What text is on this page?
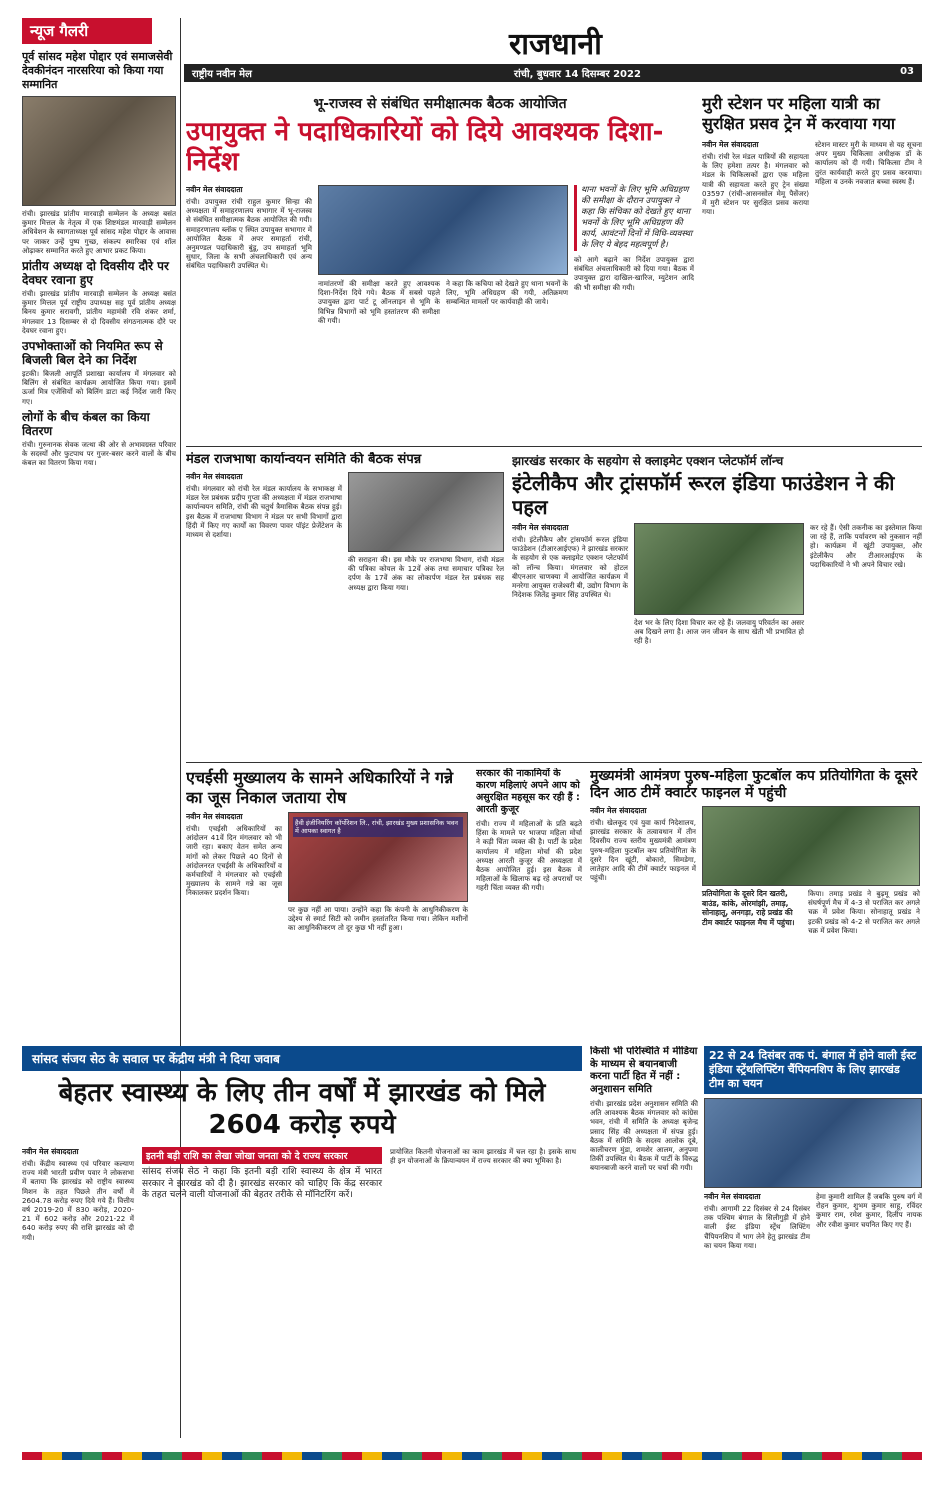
राजधानी
राष्ट्रीय नवीन मेल	रांची, बुधवार 14 दिसम्बर 2022	03
न्यूज गैलरी
पूर्व सांसद महेश पोद्दार एवं समाजसेवी देवकीनंदन नारसरिया को किया गया सम्मानित
रांची। झारखंड प्रांतीय मारवाड़ी सम्मेलन के अध्यक्ष बसंत कुमार मित्तल के नेतृत्व में एक शिष्टमंडल मारवाड़ी सम्मेलन अधिवेशन के स्वागताध्यक्ष पूर्व सांसद महेश पोद्दार के आवास पर जाकर उन्हें पुष्प गुच्छ, संकल्प स्मारिका एवं शॉल ओढ़ाकर सम्मानित करते हुए आभार प्रकट किया।
प्रांतीय अध्यक्ष दो दिवसीय दौरे पर देवघर रवाना हुए
रांची। झारखंड प्रांतीय मारवाड़ी सम्मेलन के अध्यक्ष बसंत कुमार मित्तल पूर्व राष्ट्रीय उपाध्यक्ष सह पूर्व प्रांतीय अध्यक्ष बिनय कुमार सरावगी, प्रांतीय महामंत्री रवि शंकर शर्मा, मंगलवार 13 दिसम्बर से दो दिवसीय संगठनात्मक दौरे पर देवघर रवाना हुए।
उपभोक्ताओं को नियमित रूप से बिजली बिल देने का निर्देश
इटकी। बिजली आपूर्ति प्रशाखा कार्यालय में मंगलवार को बिलिंग से संबंधित कार्यक्रम आयोजित किया गया। इसमें ऊर्जा मित्र एजेंसियों को बिलिंग डाटा कई निर्देश जारी किए गए।
लोगों के बीच कंबल का किया वितरण
रांची। गुरुनानक सेवक जत्था की ओर से अभावग्रस्त परिवार के सदस्यों और फुटपाथ पर गुजर-बसर करने वालों के बीच कंबल का वितरण किया गया।
भू-राजस्व से संबंधित समीक्षात्मक बैठक आयोजित
उपायुक्त ने पदाधिकारियों को दिये आवश्यक दिशा-निर्देश
नवीन मेल संवाददाता
रांची। उपायुक्त रांची राहुल कुमार सिन्हा की अध्यक्षता में समाहरणालय सभागार में भू-राजस्व से संबंधित समीक्षात्मक बैठक आयोजित की गयी। समाहरणालय ब्लॉक ए स्थित उपायुक्त सभागार में आयोजित बैठक में अपर समाहर्ता रांची, अनुमण्डल पदाधिकारी बुंडू, उप समाहर्ता भूमि सुधार, जिला के सभी अंचलाधिकारी एवं अन्य संबंधित पदाधिकारी उपस्थित थे।
नामांतरणों की समीक्षा करते हुए आवश्यक दिशा-निर्देश दिये गये। बैठक में सबसे पहले उपायुक्त द्वारा पार्ट टू ऑनलाइन से भूमि के विभिन्न विभागों को भूमि हस्तांतरण की समीक्षा की गयी।
ने कहा कि कचिया को देखते हुए थाना भवनों के लिए, भूमि अधिग्रहण की गयी, अतिक्रमण सम्बन्धित मामलों पर कार्यवाही की जाये।
थाना भवनों के लिए भूमि अधिग्रहण की समीक्षा के दौरान उपायुक्त ने कहा कि संचिका को देखते हुए थाना भवनों के लिए भूमि अधिग्रहण की कार्य, आवंटनों दिनों में विधि-व्यवस्था के लिए ये बेहद महत्वपूर्ण है।
को आगे बढ़ाने का निर्देश उपायुक्त द्वारा संबंधित अंचलाधिकारी को दिया गया। बैठक में उपायुक्त द्वारा दाखिल-खारिज, म्युटेशन आदि की भी समीक्षा की गयी।
मुरी स्टेशन पर महिला यात्री का सुरक्षित प्रसव ट्रेन में करवाया गया
नवीन मेल संवाददाता
रांची। रांची रेल मंडल यात्रियों की सहायता के लिए हमेशा तत्पर है। मंगलवार को मंडल के चिकित्सकों द्वारा एक महिला यात्री की सहायता करते हुए ट्रेन संख्या 03597 (रांची-आसनसोल मेमू पैसेंजर) में मुरी स्टेशन पर सुरक्षित प्रसव कराया गया।
स्टेशन मास्टर मुरी के माध्यम से यह सूचना अपर मुख्य चिकित्सा अधीक्षक डॉ के कार्यालय को दी गयी। चिकित्सा टीम ने तुरंत कार्यवाही करते हुए प्रसव करवाया। महिला व उनके नवजात बच्चा स्वस्थ हैं।
मंडल राजभाषा कार्यान्वयन समिति की बैठक संपन्न
नवीन मेल संवाददाता
रांची। मंगलवार को रांची रेल मंडल कार्यालय के सभाकक्ष में मंडल रेल प्रबंधक प्रदीप गुप्ता की अध्यक्षता में मंडल राजभाषा कार्यान्वयन समिति, रांची की चतुर्थ त्रैमासिक बैठक संपन्न हुई। इस बैठक में राजभाषा विभाग ने मंडल पर सभी विभागों द्वारा हिंदी में किए गए कार्यों का विवरण पावर पॉइंट प्रेजेंटेशन के माध्यम से दर्शाया।
की सराहना की। इस मौके पर राजभाषा विभाग, रांची मंडल की पत्रिका कोयल के 12वें अंक तथा समाचार पत्रिका रेल दर्पण के 17वें अंक का लोकार्पण मंडल रेल प्रबंधक सह अध्यक्ष द्वारा किया गया।
झारखंड सरकार के सहयोग से क्लाइमेट एक्शन प्लेटफॉर्म लॉन्च
इंटेलीकैप और ट्रांसफॉर्म रूरल इंडिया फाउंडेशन ने की पहल
नवीन मेल संवाददाता
रांची। इंटेलीकैप और ट्रांसफॉर्म रूरल इंडिया फाउंडेशन (टीआरआईएफ) ने झारखंड सरकार के सहयोग से एक क्लाइमेट एक्शन प्लेटफॉर्म को लॉन्च किया। मंगलवार को होटल बीएनआर चाणक्या में आयोजित कार्यक्रम में मनरेगा आयुक्त राजेश्वरी बी, उद्योग विभाग के निदेशक जितेंद्र कुमार सिंह उपस्थित थे।
देश भर के लिए दिशा विचार कर रहे हैं। जलवायु परिवर्तन का असर अब दिखने लगा है। आज जन जीवन के साथ खेती भी प्रभावित हो रही है।
कर रहे हैं। ऐसी तकनीक का इस्तेमाल किया जा रहे हैं, ताकि पर्यावरण को नुकसान नहीं हो। कार्यक्रम में खूंटी उपायुक्त, और इंटेलीकैप और टीआरआईएफ के पदाधिकारियों ने भी अपने विचार रखे।
एचईसी मुख्यालय के सामने अधिकारियों ने गन्ने का जूस निकाल जताया रोष
नवीन मेल संवाददाता
रांची। एचईसी अधिकारियों का आंदोलन 41वें दिन मंगलवार को भी जारी रहा। बकाए वेतन समेत अन्य मांगों को लेकर पिछले 40 दिनों से आंदोलनरत एचईसी के अधिकारियों व कर्मचारियों ने मंगलवार को एचईसी मुख्यालय के सामने गन्ने का जूस निकालकर प्रदर्शन किया।
हैवी इंजीनियरिंग कॉर्पोरेशन लि., रांची, झारखंड मुख्य प्रशासनिक भवन में आपका स्वागत है
पर कुछ नहीं आ पाया। उन्होंने कहा कि कंपनी के आधुनिकीकरण के उद्देश्य से स्मार्ट सिटी को जमीन हस्तांतरित किया गया। लेकिन मशीनों का आधुनिकीकरण तो दूर कुछ भी नहीं हुआ।
सरकार की नाकामियों के कारण महिलाएं अपने आप को असुरक्षित महसूस कर रही हैं : आरती कुजूर
रांची। राज्य में महिलाओं के प्रति बढ़ते हिंसा के मामले पर भाजपा महिला मोर्चा ने कड़ी चिंता व्यक्त की है। पार्टी के प्रदेश कार्यालय में महिला मोर्चा की प्रदेश अध्यक्ष आरती कुजूर की अध्यक्षता में बैठक आयोजित हुई। इस बैठक में महिलाओं के खिलाफ बढ़ रहे अपराधों पर गहरी चिंता व्यक्त की गयी।
मुख्यमंत्री आमंत्रण पुरुष-महिला फुटबॉल कप प्रतियोगिता के दूसरे दिन आठ टीमें क्वार्टर फाइनल में पहुंची
नवीन मेल संवाददाता
रांची। खेलकूद एवं युवा कार्य निदेशालय, झारखंड सरकार के तत्वावधान में तीन दिवसीय राज्य स्तरीय मुख्यमंत्री आमंत्रण पुरुष-महिला फुटबॉल कप प्रतियोगिता के दूसरे दिन खूंटी, बोकारो, सिमडेगा, लातेहार आदि की टीमें क्वार्टर फाइनल में पहुंची।
प्रतियोगिता के दूसरे दिन खतरी, बाउंड, कांके, ओरमांझी, तमाड़, सोनाहातू, अनगड़ा, राहे प्रखंड की टीम क्वार्टर फाइनल मैच में पहुंचा।
किया। तमाड़ प्रखंड ने बुढ़मू प्रखंड को संघर्षपूर्ण मैच में 4-3 से पराजित कर अगले चक्र में प्रवेश किया। सोनाहातू प्रखंड ने इटकी प्रखंड को 4-2 से पराजित कर अगले चक्र में प्रवेश किया।
सांसद संजय सेठ के सवाल पर केंद्रीय मंत्री ने दिया जवाब
बेहतर स्वास्थ्य के लिए तीन वर्षों में झारखंड को मिले 2604 करोड़ रुपये
नवीन मेल संवाददाता
रांची। केंद्रीय स्वास्थ्य एवं परिवार कल्याण राज्य मंत्री भारती प्रवीण पवार ने लोकसभा में बताया कि झारखंड को राष्ट्रीय स्वास्थ्य मिशन के तहत पिछले तीन वर्षों में 2604.78 करोड़ रुपए दिये गये हैं। वित्तीय वर्ष 2019-20 में 830 करोड़, 2020-21 में 602 करोड़ और 2021-22 में 640 करोड़ रुपए की राशि झारखंड को दी गयी।
इतनी बड़ी राशि का लेखा जोखा जनता को दे राज्य सरकार
सांसद संजय सेठ ने कहा कि इतनी बड़ी राशि स्वास्थ्य के क्षेत्र में भारत सरकार ने झारखंड को दी है। झारखंड सरकार को चाहिए कि केंद्र सरकार के तहत चलने वाली योजनाओं की बेहतर तरीके से मॉनिटरिंग करें।
प्रायोजित कितनी योजनाओं का काम झारखंड में चल रहा है। इसके साथ ही इन योजनाओं के क्रियान्वयन में राज्य सरकार की क्या भूमिका है।
किसी भी परिस्थिति में मीडिया के माध्यम से बयानबाजी करना पार्टी हित में नहीं : अनुशासन समिति
रांची। झारखंड प्रदेश अनुशासन समिति की अति आवश्यक बैठक मंगलवार को कांग्रेस भवन, रांची में समिति के अध्यक्ष बृजेन्द्र प्रसाद सिंह की अध्यक्षता में संपन्न हुई। बैठक में समिति के सदस्य आलोक दूबे, कालीचरण मुंडा, शमशेर आलम, अनुपमा तिर्की उपस्थित थे। बैठक में पार्टी के विरुद्ध बयानबाजी करने वालों पर चर्चा की गयी।
22 से 24 दिसंबर तक पं. बंगाल में होने वाली ईस्ट इंडिया स्ट्रेंथलिफ्टिंग चैंपियनशिप के लिए झारखंड टीम का चयन
नवीन मेल संवाददाता
रांची। आगामी 22 दिसंबर से 24 दिसंबर तक पश्चिम बंगाल के सिलीगुड़ी में होने वाली ईस्ट इंडिया स्ट्रेंथ लिफ्टिंग चैंपियनशिप में भाग लेने हेतु झारखंड टीम का चयन किया गया।
हेमा कुमारी शामिल हैं जबकि पुरुष वर्ग में रोहन कुमार, शुभम कुमार साहू, रविंदर कुमार राम, रमेश कुमार, दिलीप नायक और रवीश कुमार चयनित किए गए हैं।
